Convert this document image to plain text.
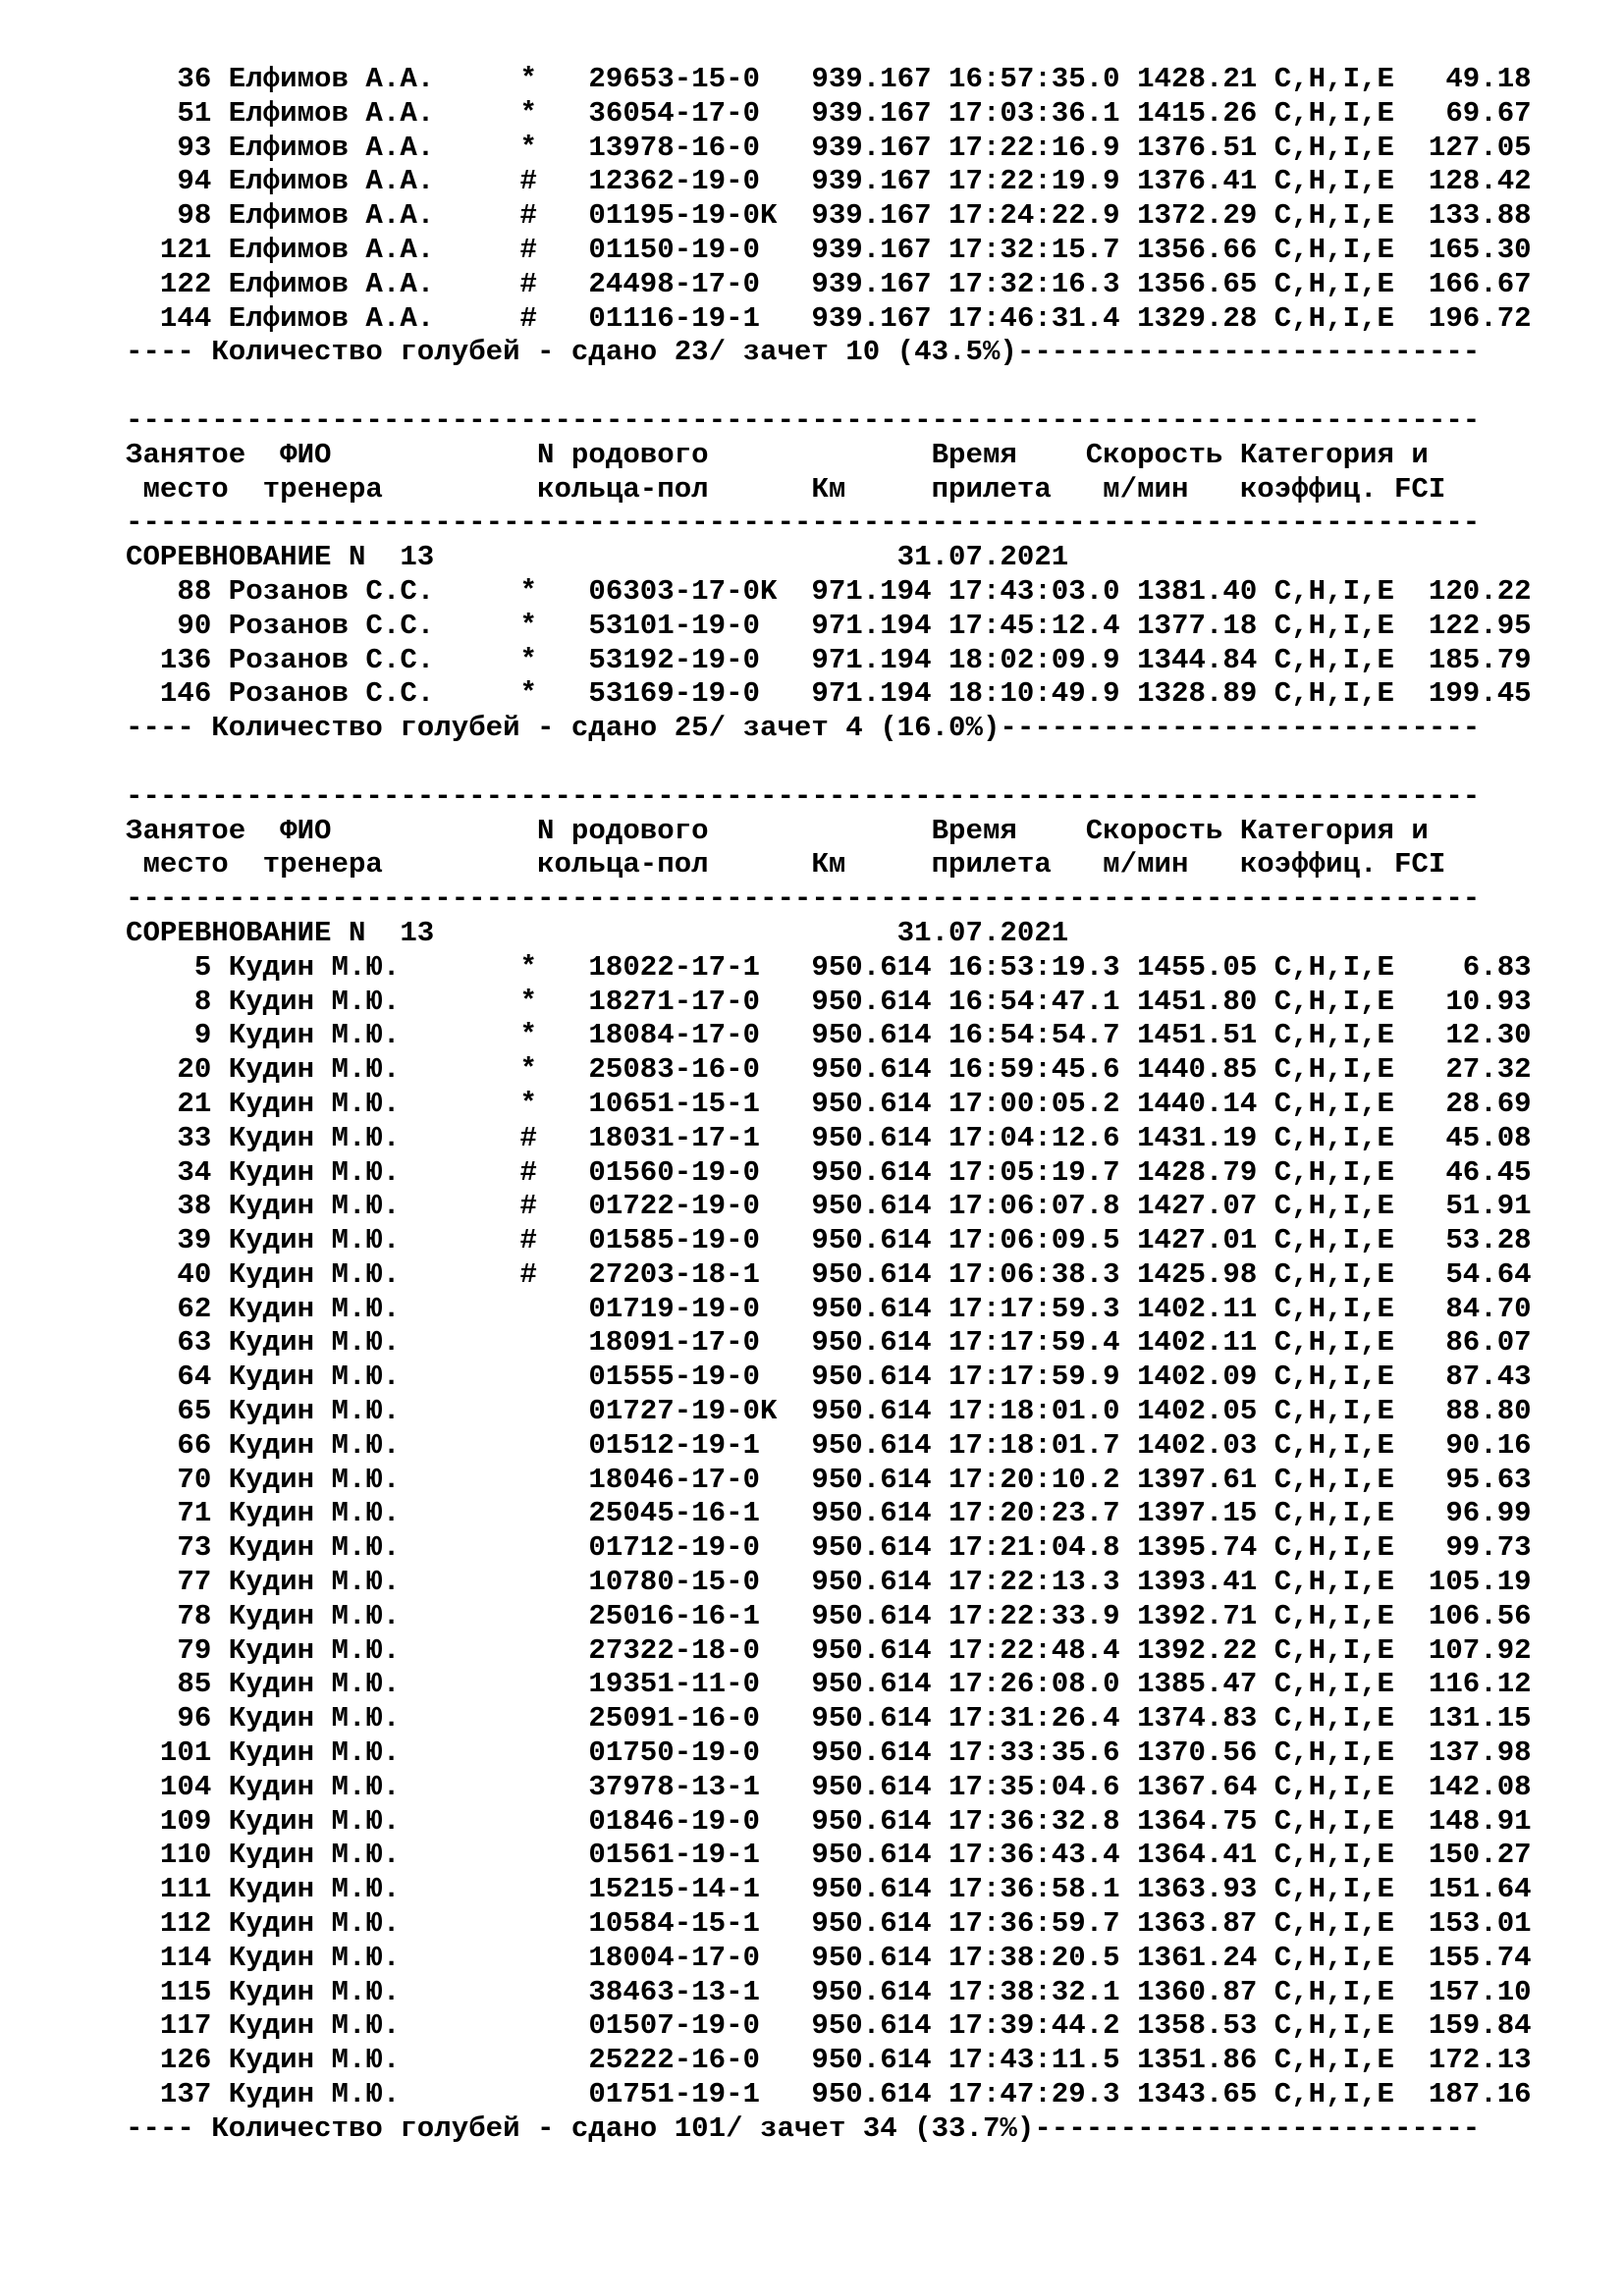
36 Елфимов А.А.     *   29653-15-0   939.167 16:57:35.0 1428.21 C,H,I,E   49.18
51 Елфимов А.А.     *   36054-17-0   939.167 17:03:36.1 1415.26 C,H,I,E   69.67
93 Елфимов А.А.     *   13978-16-0   939.167 17:22:16.9 1376.51 C,H,I,E  127.05
94 Елфимов А.А.     #   12362-19-0   939.167 17:22:19.9 1376.41 C,H,I,E  128.42
98 Елфимов А.А.     #   01195-19-0K  939.167 17:24:22.9 1372.29 C,H,I,E  133.88
121 Елфимов А.А.     #   01150-19-0   939.167 17:32:15.7 1356.66 C,H,I,E  165.30
122 Елфимов А.А.     #   24498-17-0   939.167 17:32:16.3 1356.65 C,H,I,E  166.67
144 Елфимов А.А.     #   01116-19-1   939.167 17:46:31.4 1329.28 C,H,I,E  196.72
---- Количество голубей - сдано 23/ зачет 10 (43.5%)---------------------------
-------------------------------------------------------------------------------
Занятое  ФИО            N родового             Время    Скорость Категория и
место  тренера         кольца-пол      Км     прилета   м/мин   коэффиц. FCI
-------------------------------------------------------------------------------
СОРЕВНОВАНИЕ N  13                           31.07.2021
88 Розанов С.С.     *   06303-17-0K  971.194 17:43:03.0 1381.40 C,H,I,E  120.22
90 Розанов С.С.     *   53101-19-0   971.194 17:45:12.4 1377.18 C,H,I,E  122.95
136 Розанов С.С.     *   53192-19-0   971.194 18:02:09.9 1344.84 C,H,I,E  185.79
146 Розанов С.С.     *   53169-19-0   971.194 18:10:49.9 1328.89 C,H,I,E  199.45
---- Количество голубей - сдано 25/ зачет 4 (16.0%)----------------------------
-------------------------------------------------------------------------------
Занятое  ФИО            N родового             Время    Скорость Категория и
место  тренера         кольца-пол      Км     прилета   м/мин   коэффиц. FCI
-------------------------------------------------------------------------------
СОРЕВНОВАНИЕ N  13                           31.07.2021
5 Кудин М.Ю.       *   18022-17-1   950.614 16:53:19.3 1455.05 C,H,I,E    6.83
8 Кудин М.Ю.       *   18271-17-0   950.614 16:54:47.1 1451.80 C,H,I,E   10.93
9 Кудин М.Ю.       *   18084-17-0   950.614 16:54:54.7 1451.51 C,H,I,E   12.30
20 Кудин М.Ю.       *   25083-16-0   950.614 16:59:45.6 1440.85 C,H,I,E   27.32
21 Кудин М.Ю.       *   10651-15-1   950.614 17:00:05.2 1440.14 C,H,I,E   28.69
33 Кудин М.Ю.       #   18031-17-1   950.614 17:04:12.6 1431.19 C,H,I,E   45.08
34 Кудин М.Ю.       #   01560-19-0   950.614 17:05:19.7 1428.79 C,H,I,E   46.45
38 Кудин М.Ю.       #   01722-19-0   950.614 17:06:07.8 1427.07 C,H,I,E   51.91
39 Кудин М.Ю.       #   01585-19-0   950.614 17:06:09.5 1427.01 C,H,I,E   53.28
40 Кудин М.Ю.       #   27203-18-1   950.614 17:06:38.3 1425.98 C,H,I,E   54.64
62 Кудин М.Ю.           01719-19-0   950.614 17:17:59.3 1402.11 C,H,I,E   84.70
63 Кудин М.Ю.           18091-17-0   950.614 17:17:59.4 1402.11 C,H,I,E   86.07
64 Кудин М.Ю.           01555-19-0   950.614 17:17:59.9 1402.09 C,H,I,E   87.43
65 Кудин М.Ю.           01727-19-0K  950.614 17:18:01.0 1402.05 C,H,I,E   88.80
66 Кудин М.Ю.           01512-19-1   950.614 17:18:01.7 1402.03 C,H,I,E   90.16
70 Кудин М.Ю.           18046-17-0   950.614 17:20:10.2 1397.61 C,H,I,E   95.63
71 Кудин М.Ю.           25045-16-1   950.614 17:20:23.7 1397.15 C,H,I,E   96.99
73 Кудин М.Ю.           01712-19-0   950.614 17:21:04.8 1395.74 C,H,I,E   99.73
77 Кудин М.Ю.           10780-15-0   950.614 17:22:13.3 1393.41 C,H,I,E  105.19
78 Кудин М.Ю.           25016-16-1   950.614 17:22:33.9 1392.71 C,H,I,E  106.56
79 Кудин М.Ю.           27322-18-0   950.614 17:22:48.4 1392.22 C,H,I,E  107.92
85 Кудин М.Ю.           19351-11-0   950.614 17:26:08.0 1385.47 C,H,I,E  116.12
96 Кудин М.Ю.           25091-16-0   950.614 17:31:26.4 1374.83 C,H,I,E  131.15
101 Кудин М.Ю.           01750-19-0   950.614 17:33:35.6 1370.56 C,H,I,E  137.98
104 Кудин М.Ю.           37978-13-1   950.614 17:35:04.6 1367.64 C,H,I,E  142.08
109 Кудин М.Ю.           01846-19-0   950.614 17:36:32.8 1364.75 C,H,I,E  148.91
110 Кудин М.Ю.           01561-19-1   950.614 17:36:43.4 1364.41 C,H,I,E  150.27
111 Кудин М.Ю.           15215-14-1   950.614 17:36:58.1 1363.93 C,H,I,E  151.64
112 Кудин М.Ю.           10584-15-1   950.614 17:36:59.7 1363.87 C,H,I,E  153.01
114 Кудин М.Ю.           18004-17-0   950.614 17:38:20.5 1361.24 C,H,I,E  155.74
115 Кудин М.Ю.           38463-13-1   950.614 17:38:32.1 1360.87 C,H,I,E  157.10
117 Кудин М.Ю.           01507-19-0   950.614 17:39:44.2 1358.53 C,H,I,E  159.84
126 Кудин М.Ю.           25222-16-0   950.614 17:43:11.5 1351.86 C,H,I,E  172.13
137 Кудин М.Ю.           01751-19-1   950.614 17:47:29.3 1343.65 C,H,I,E  187.16
---- Количество голубей - сдано 101/ зачет 34 (33.7%)--------------------------
